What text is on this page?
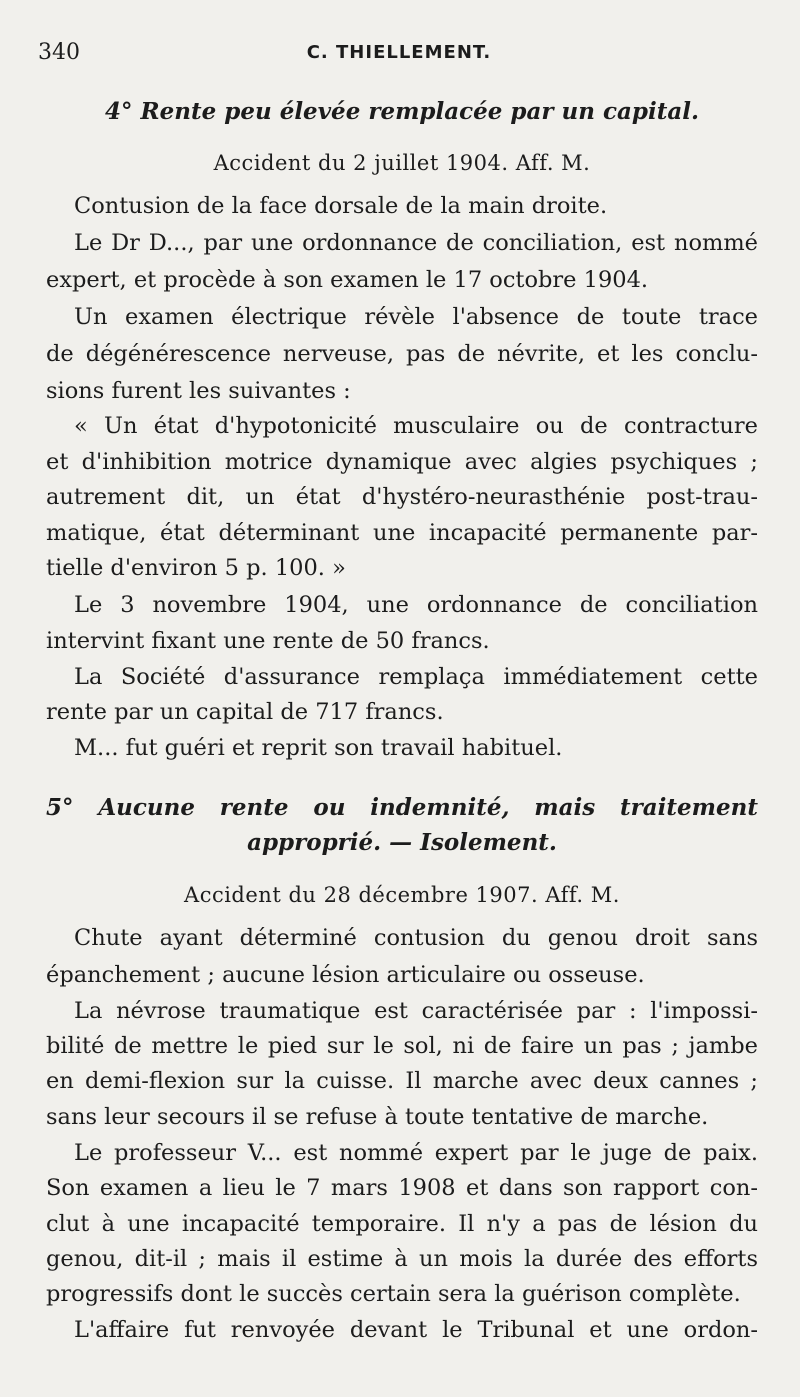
340	C. THIELLEMENT.
4° Rente peu élevée remplacée par un capital.
Accident du 2 juillet 1904. Aff. M.
Contusion de la face dorsale de la main droite.
Le Dr D..., par une ordonnance de conciliation, est nommé
expert, et procède à son examen le 17 octobre 1904.
Un examen électrique révèle l'absence de toute trace
de dégénérescence nerveuse, pas de névrite, et les conclu-
sions furent les suivantes :
« Un état d'hypotonicité musculaire ou de contracture
et d'inhibition motrice dynamique avec algies psychiques ;
autrement dit, un état d'hystéro-neurasthénie post-trau-
matique, état déterminant une incapacité permanente par-
tielle d'environ 5 p. 100. »
Le 3 novembre 1904, une ordonnance de conciliation
intervint fixant une rente de 50 francs.
La Société d'assurance remplaça immédiatement cette
rente par un capital de 717 francs.
M... fut guéri et reprit son travail habituel.
5° Aucune rente ou indemnité, mais traitement
approprié. — Isolement.
Accident du 28 décembre 1907. Aff. M.
Chute ayant déterminé contusion du genou droit sans
épanchement ; aucune lésion articulaire ou osseuse.
La névrose traumatique est caractérisée par : l'impossi-
bilité de mettre le pied sur le sol, ni de faire un pas ; jambe
en demi-flexion sur la cuisse. Il marche avec deux cannes ;
sans leur secours il se refuse à toute tentative de marche.
Le professeur V... est nommé expert par le juge de paix.
Son examen a lieu le 7 mars 1908 et dans son rapport con-
clut à une incapacité temporaire. Il n'y a pas de lésion du
genou, dit-il ; mais il estime à un mois la durée des efforts
progressifs dont le succès certain sera la guérison complète.
L'affaire fut renvoyée devant le Tribunal et une ordon-
